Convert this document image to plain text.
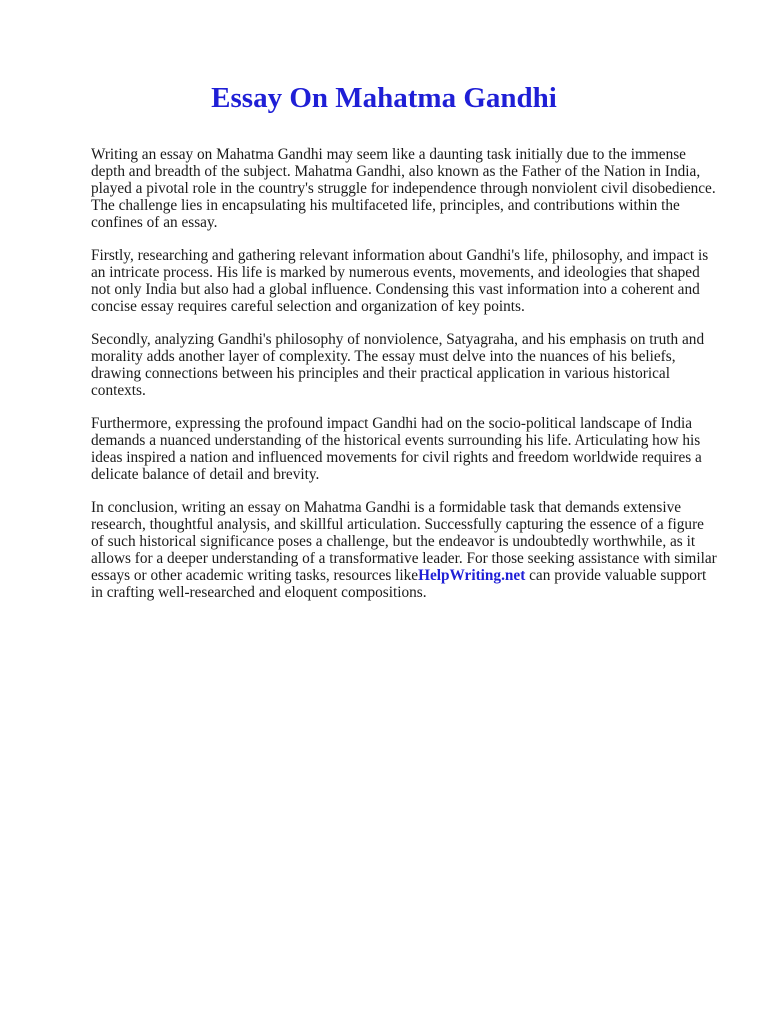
Essay On Mahatma Gandhi

Writing an essay on Mahatma Gandhi may seem like a daunting task initially due to the immense depth and breadth of the subject. Mahatma Gandhi, also known as the Father of the Nation in India, played a pivotal role in the country's struggle for independence through nonviolent civil disobedience. The challenge lies in encapsulating his multifaceted life, principles, and contributions within the confines of an essay.

Firstly, researching and gathering relevant information about Gandhi's life, philosophy, and impact is an intricate process. His life is marked by numerous events, movements, and ideologies that shaped not only India but also had a global influence. Condensing this vast information into a coherent and concise essay requires careful selection and organization of key points.

Secondly, analyzing Gandhi's philosophy of nonviolence, Satyagraha, and his emphasis on truth and morality adds another layer of complexity. The essay must delve into the nuances of his beliefs, drawing connections between his principles and their practical application in various historical contexts.

Furthermore, expressing the profound impact Gandhi had on the socio-political landscape of India demands a nuanced understanding of the historical events surrounding his life. Articulating how his ideas inspired a nation and influenced movements for civil rights and freedom worldwide requires a delicate balance of detail and brevity.

In conclusion, writing an essay on Mahatma Gandhi is a formidable task that demands extensive research, thoughtful analysis, and skillful articulation. Successfully capturing the essence of a figure of such historical significance poses a challenge, but the endeavor is undoubtedly worthwhile, as it allows for a deeper understanding of a transformative leader. For those seeking assistance with similar essays or other academic writing tasks, resources likeHelpWriting.net can provide valuable support in crafting well-researched and eloquent compositions.
